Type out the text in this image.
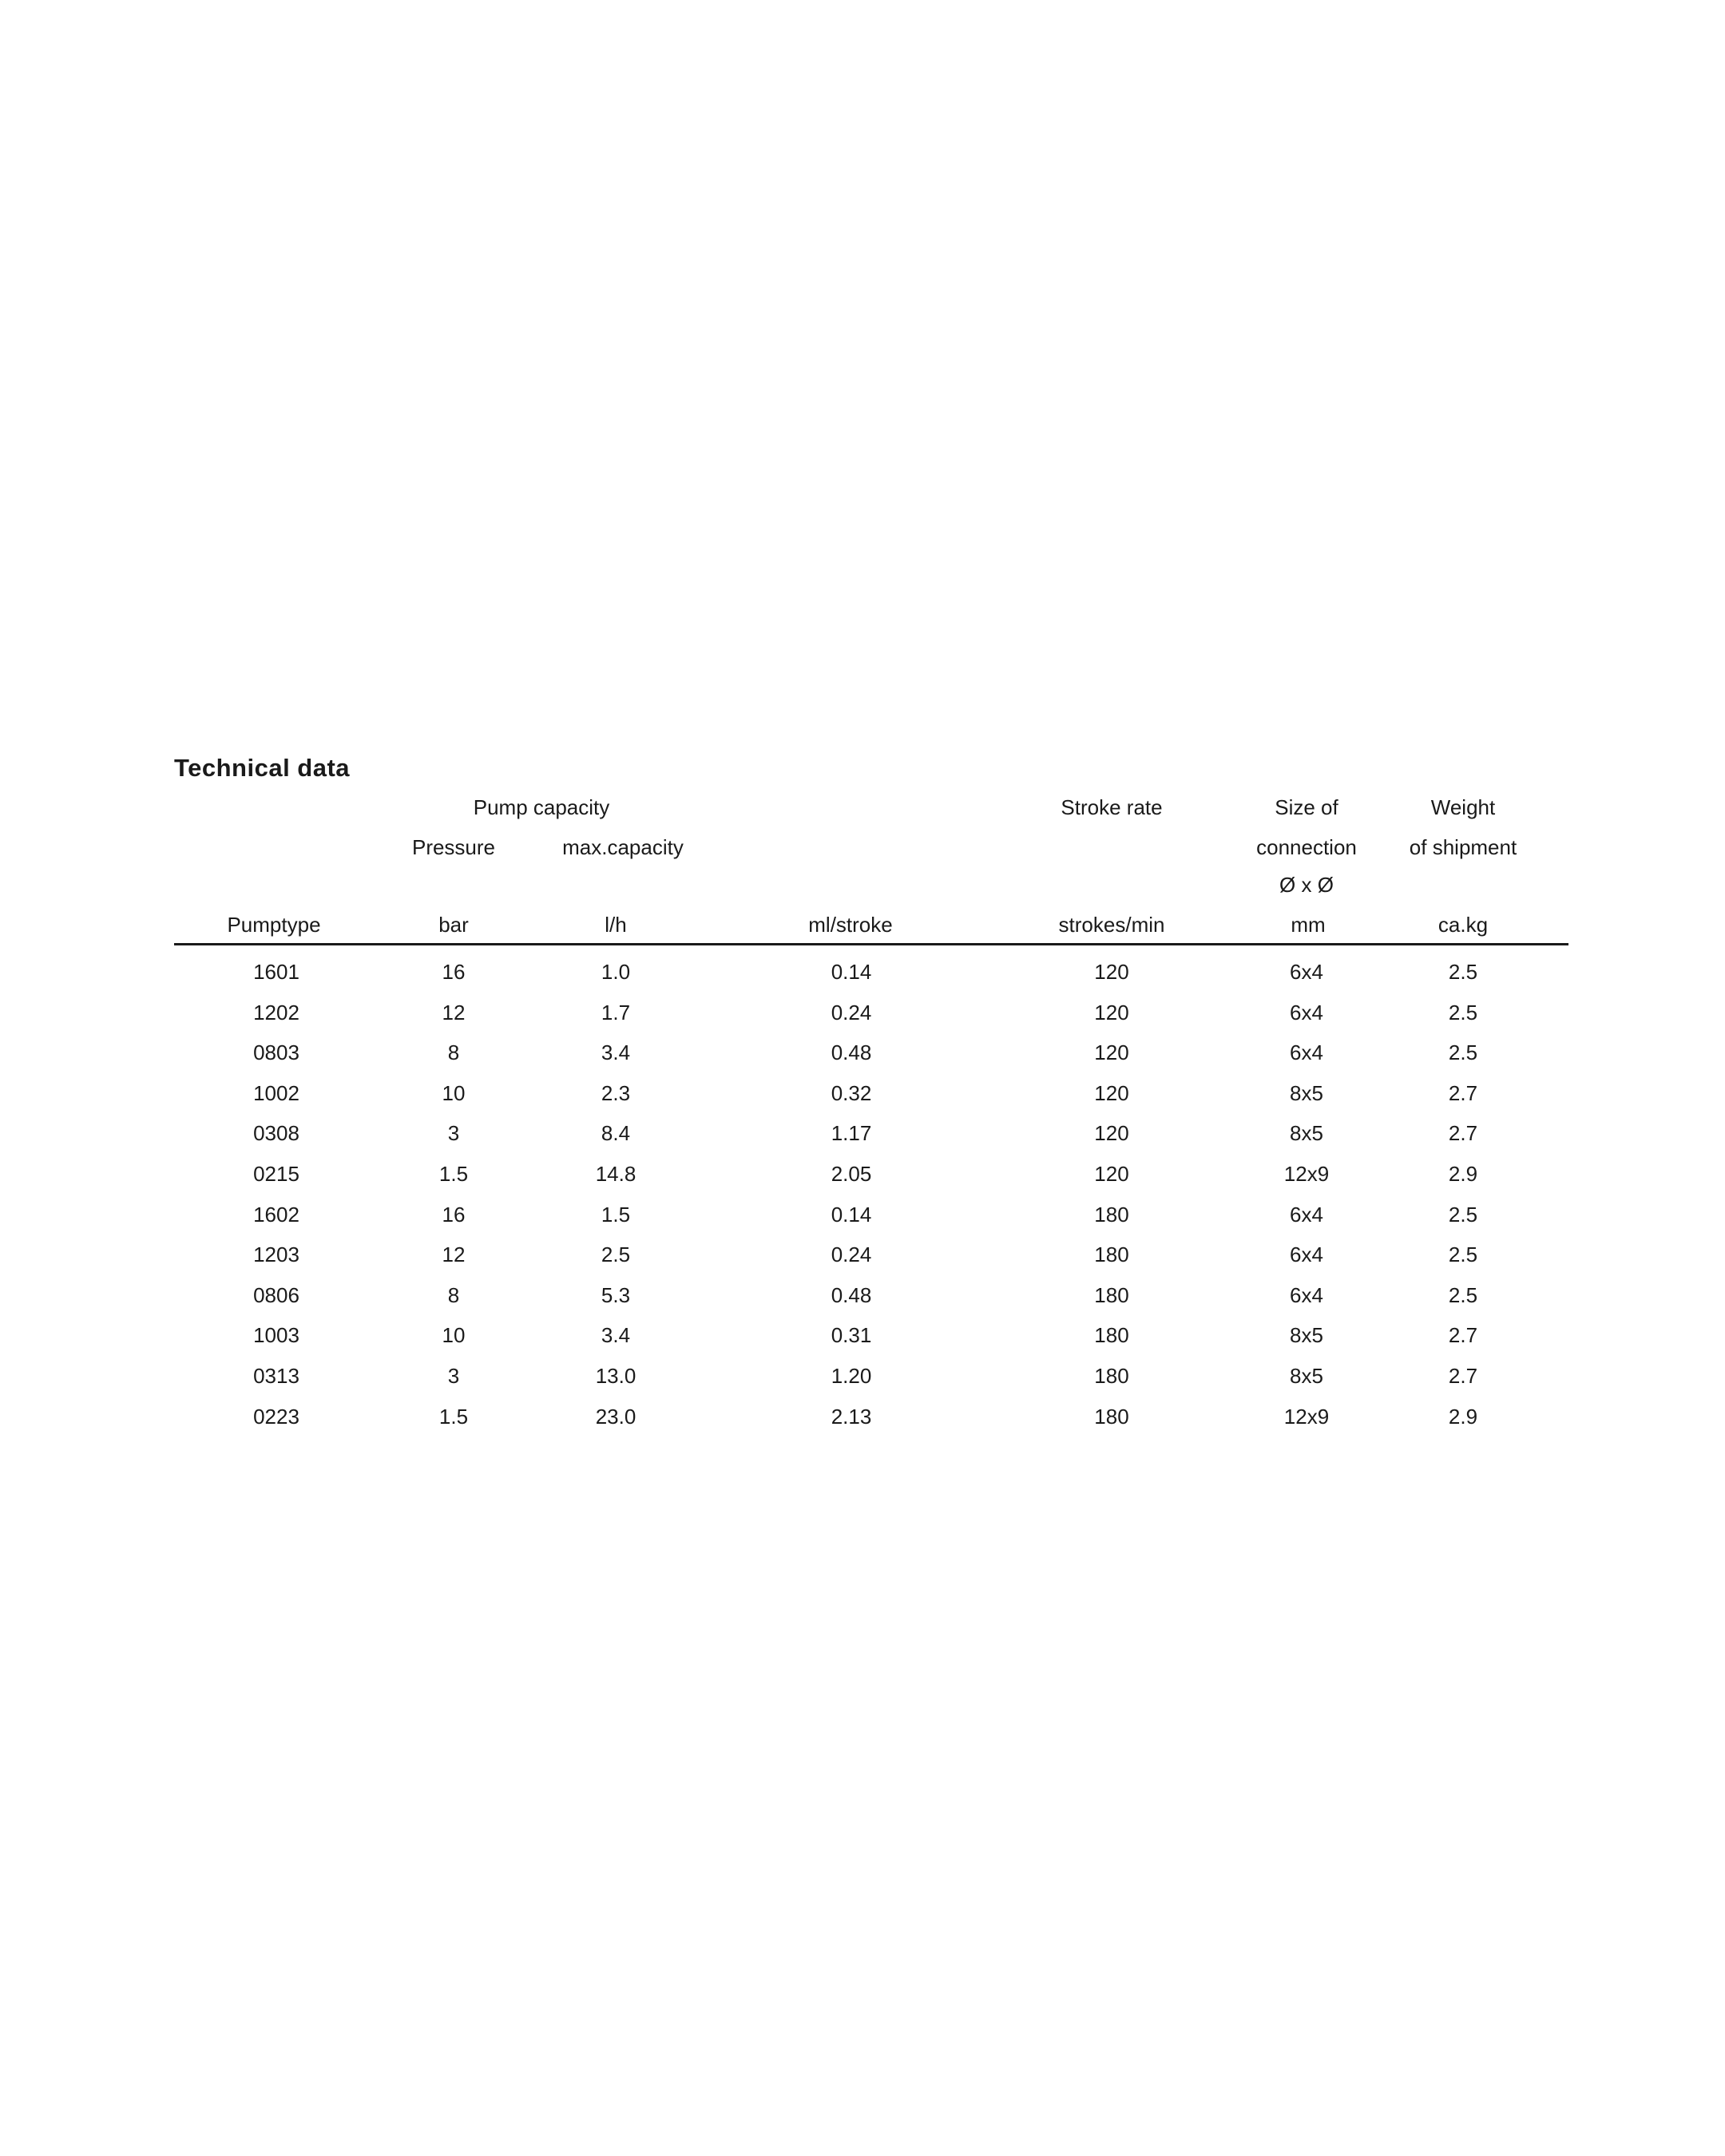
Technical data
Pump capacity	Stroke rate	Size of	Weight
Pressure	max.capacity	connection	of shipment
Ø x Ø
Pumptype	bar	l/h	ml/stroke	strokes/min	mm	ca.kg
1601	16	1.0	0.14	120	6x4	2.5
1202	12	1.7	0.24	120	6x4	2.5
0803	8	3.4	0.48	120	6x4	2.5
1002	10	2.3	0.32	120	8x5	2.7
0308	3	8.4	1.17	120	8x5	2.7
0215	1.5	14.8	2.05	120	12x9	2.9
1602	16	1.5	0.14	180	6x4	2.5
1203	12	2.5	0.24	180	6x4	2.5
0806	8	5.3	0.48	180	6x4	2.5
1003	10	3.4	0.31	180	8x5	2.7
0313	3	13.0	1.20	180	8x5	2.7
0223	1.5	23.0	2.13	180	12x9	2.9
